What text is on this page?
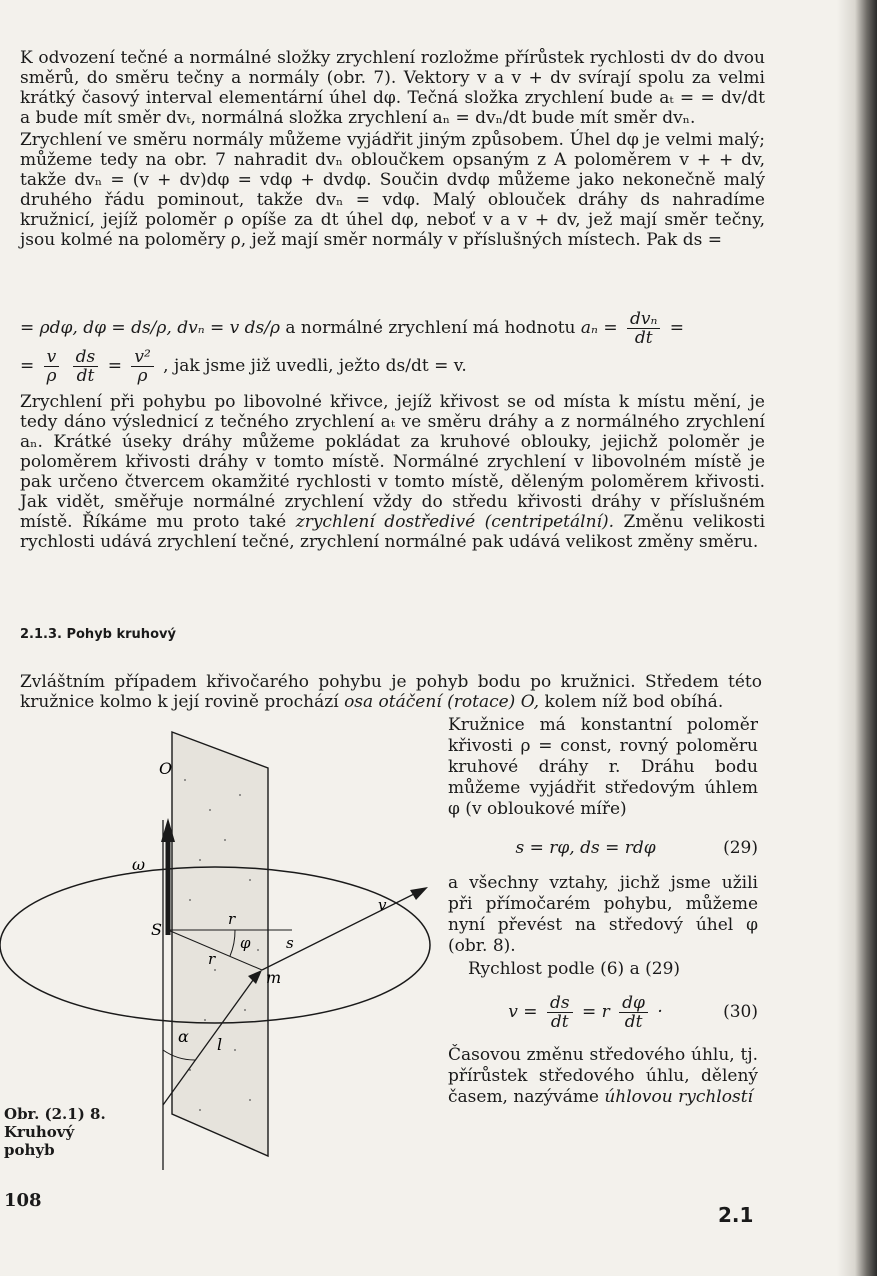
K odvození tečné a normálné složky zrychlení rozložme přírůstek rychlosti dv do dvou směrů, do směru tečny a normály (obr. 7). Vektory v a v + dv svírají spolu za velmi krátký časový interval elementární úhel dφ. Tečná složka zrychlení bude aₜ = = dv/dt a bude mít směr dvₜ, normálná složka zrychlení aₙ = dvₙ/dt bude mít směr dvₙ.

Zrychlení ve směru normály můžeme vyjádřit jiným způsobem. Úhel dφ je velmi malý; můžeme tedy na obr. 7 nahradit dvₙ obloučkem opsaným z A poloměrem v + + dv, takže dvₙ = (v + dv)dφ = vdφ + dvdφ. Součin dvdφ můžeme jako nekonečně malý druhého řádu pominout, takže dvₙ = vdφ. Malý oblouček dráhy ds nahradíme kružnicí, jejíž poloměr ρ opíše za dt úhel dφ, neboť v a v + dv, jež mají směr tečny, jsou kolmé na poloměry ρ, jež mají směr normály v příslušných místech. Pak ds =

= ρdφ, dφ = ds/ρ, dvₙ = v ds/ρ a normálné zrychlení má hodnotu $a_n = \frac{\text{dvₙ}}{dt}$ =
= $\frac{v}{\rho}$
$\frac{ds}{dt} = \frac{\text{v²}}{\rho}$ , jak jsme již uvedli, ježto ds/dt = v.

Zrychlení při pohybu po libovolné křivce, jejíž křivost se od místa k místu mění, je tedy dáno výslednicí z tečného zrychlení aₜ ve směru dráhy a z normálného zrychlení aₙ. Krátké úseky dráhy můžeme pokládat za kruhové oblouky, jejichž poloměr je poloměrem křivosti dráhy v tomto místě. Normálné zrychlení v libovolném místě je pak určeno čtvercem okamžité rychlosti v tomto místě, děleným poloměrem křivosti. Jak vidět, směřuje normálné zrychlení vždy do středu křivosti dráhy v příslušném místě. Říkáme mu proto také zrychlení dostředivé (centripetální). Změnu velikosti rychlosti udává zrychlení tečné, zrychlení normálné pak udává velikost změny směru.

2.1.3. Pohyb kruhový

Zvláštním případem křivočarého pohybu je pohyb bodu po kružnici. Středem této kružnice kolmo k její rovině prochází osa otáčení (rotace) O, kolem níž bod obíhá.

Kružnice má konstantní poloměr křivosti ρ = const, rovný poloměru kruhové dráhy r. Dráhu bodu můžeme vyjádřit středovým úhlem φ (v obloukové míře)

s = rφ, ds = rdφ	(29)

a všechny vztahy, jichž jsme užili při přímočarém pohybu, můžeme nyní převést na středový úhel φ (obr. 8).

Rychlost podle (6) a (29)

$v = \frac{ds}{dt} = r \frac{d\varphi}{dt}$ ·	(30)

Časovou změnu středového úhlu, tj. přírůstek středového úhlu, dělený časem, nazýváme úhlovou rychlostí

O
ω
S
r
r
φ s
v
m
l
α
Obr. (2.1) 8. Kruhový pohyb
108
2.1
